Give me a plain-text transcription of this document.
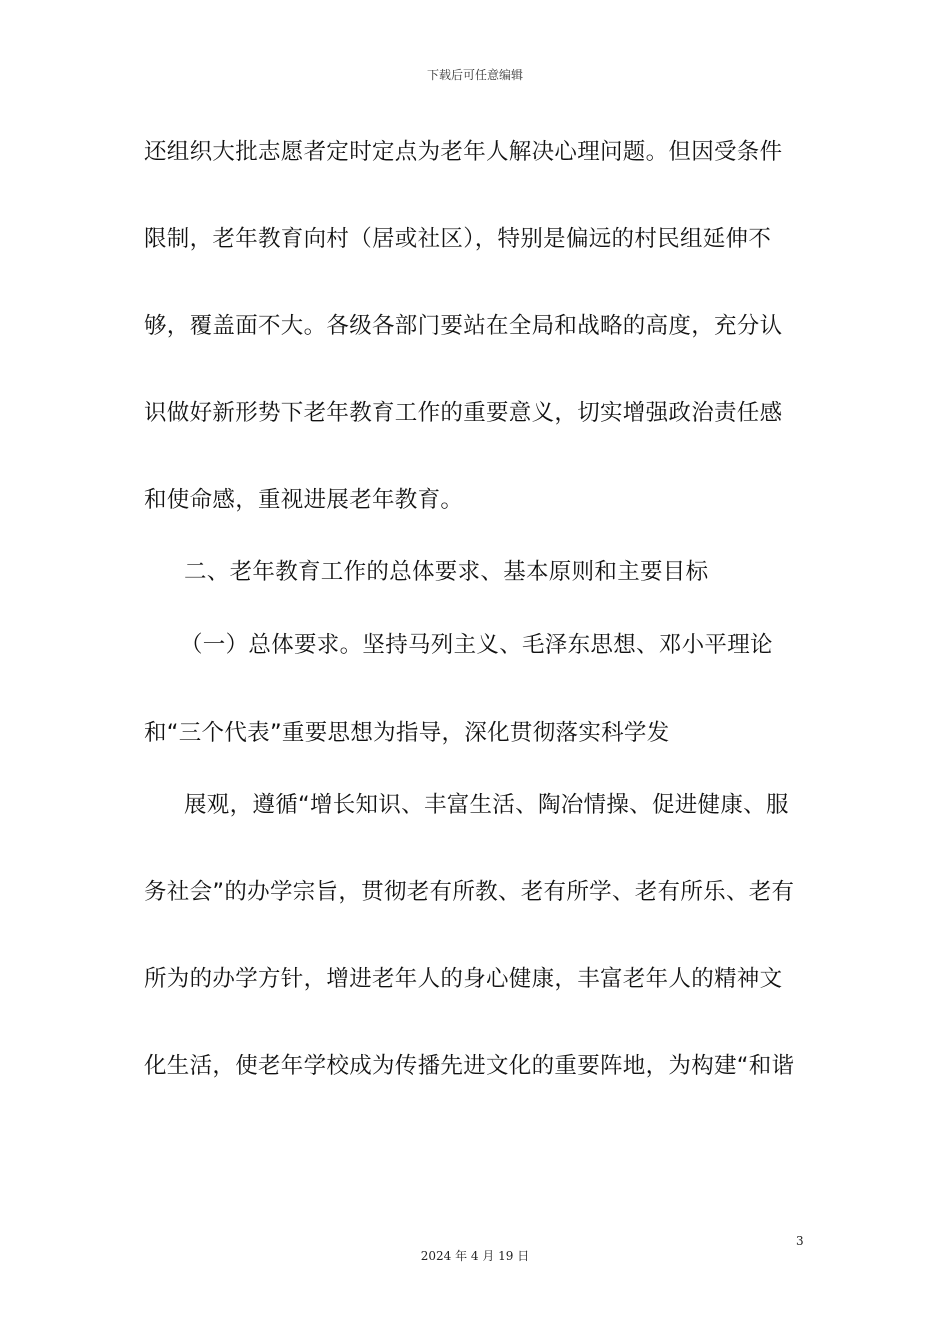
下载后可任意编辑
还组织大批志愿者定时定点为老年人解决心理问题。但因受条件
限制，老年教育向村（居或社区），特别是偏远的村民组延伸不
够，覆盖面不大。各级各部门要站在全局和战略的高度，充分认
识做好新形势下老年教育工作的重要意义，切实增强政治责任感
和使命感，重视进展老年教育。
二、老年教育工作的总体要求、基本原则和主要目标
（一）总体要求。坚持马列主义、毛泽东思想、邓小平理论
和“三个代表”重要思想为指导，深化贯彻落实科学发
展观，遵循“增长知识、丰富生活、陶冶情操、促进健康、服
务社会”的办学宗旨，贯彻老有所教、老有所学、老有所乐、老有
所为的办学方针，增进老年人的身心健康，丰富老年人的精神文
化生活，使老年学校成为传播先进文化的重要阵地，为构建“和谐
3
2024 年 4 月 19 日
